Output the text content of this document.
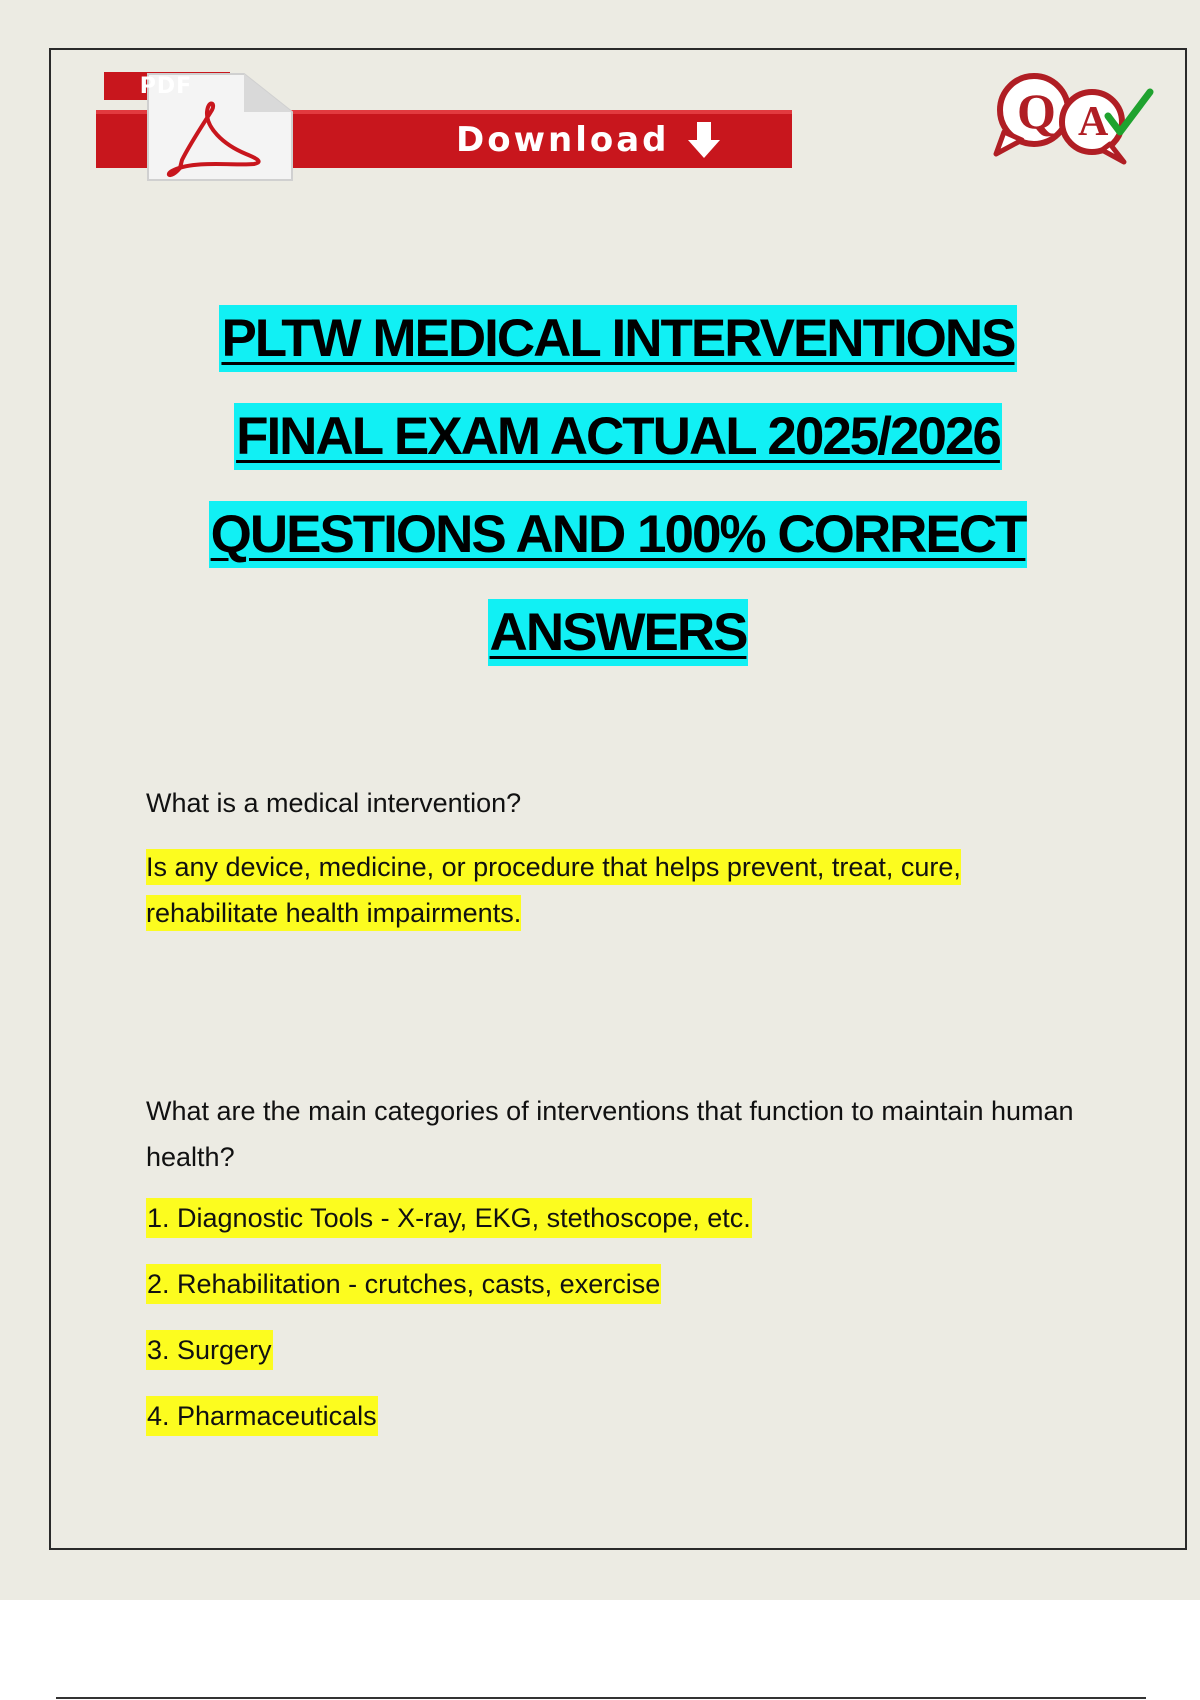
PDF
Download
Q A
PLTW MEDICAL INTERVENTIONS
FINAL EXAM ACTUAL 2025/2026
QUESTIONS AND 100% CORRECT
ANSWERS
What is a medical intervention?
Is any device, medicine, or procedure that helps prevent, treat, cure, rehabilitate health impairments.
What are the main categories of interventions that function to maintain human health?
1. Diagnostic Tools - X-ray, EKG, stethoscope, etc.
2. Rehabilitation - crutches, casts, exercise
3. Surgery
4. Pharmaceuticals
